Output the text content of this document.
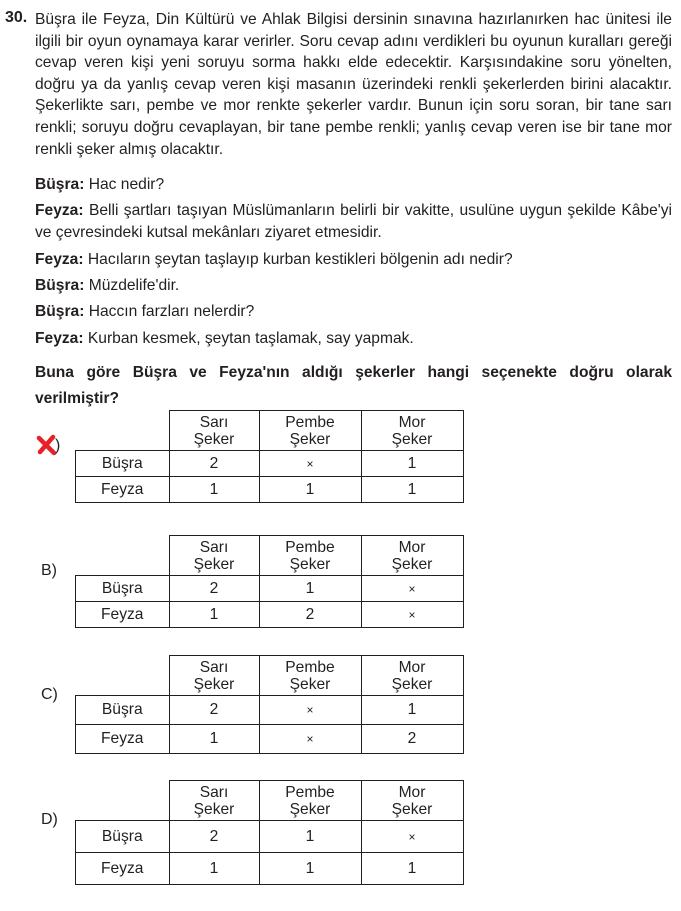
30. Büşra ile Feyza, Din Kültürü ve Ahlak Bilgisi dersinin sınavına hazırlanırken hac ünitesi ile ilgili bir oyun oynamaya karar verirler. Soru cevap adını verdikleri bu oyunun kuralları gereği cevap veren kişi yeni soruyu sorma hakkı elde edecektir. Karşısındakine soru yönelten, doğru ya da yanlış cevap veren kişi masanın üzerindeki renkli şekerlerden birini alacaktır. Şekerlikte sarı, pembe ve mor renkte şekerler vardır. Bunun için soru soran, bir tane sarı renkli; soruyu doğru cevaplayan, bir tane pembe renkli; yanlış cevap veren ise bir tane mor renkli şeker almış olacaktır.

Büşra: Hac nedir?

Feyza: Belli şartları taşıyan Müslümanların belirli bir vakitte, usulüne uygun şekilde Kâbe'yi ve çevresindeki kutsal mekânları ziyaret etmesidir.

Feyza: Hacıların şeytan taşlayıp kurban kestikleri bölgenin adı nedir?

Büşra: Müzdelife'dir.

Büşra: Haccın farzları nelerdir?

Feyza: Kurban kesmek, şeytan taşlamak, say yapmak.

Buna göre Büşra ve Feyza'nın aldığı şekerler hangi seçenekte doğru olarak verilmiştir?

)
	Sarı
Şeker	Pembe
Şeker	Mor
Şeker
Büşra	2	×	1
Feyza	1	1	1
B)
	Sarı
Şeker	Pembe
Şeker	Mor
Şeker
Büşra	2	1	×
Feyza	1	2	×
C)
	Sarı
Şeker	Pembe
Şeker	Mor
Şeker
Büşra	2	×	1
Feyza	1	×	2
D)
	Sarı
Şeker	Pembe
Şeker	Mor
Şeker
Büşra	2	1	×
Feyza	1	1	1
